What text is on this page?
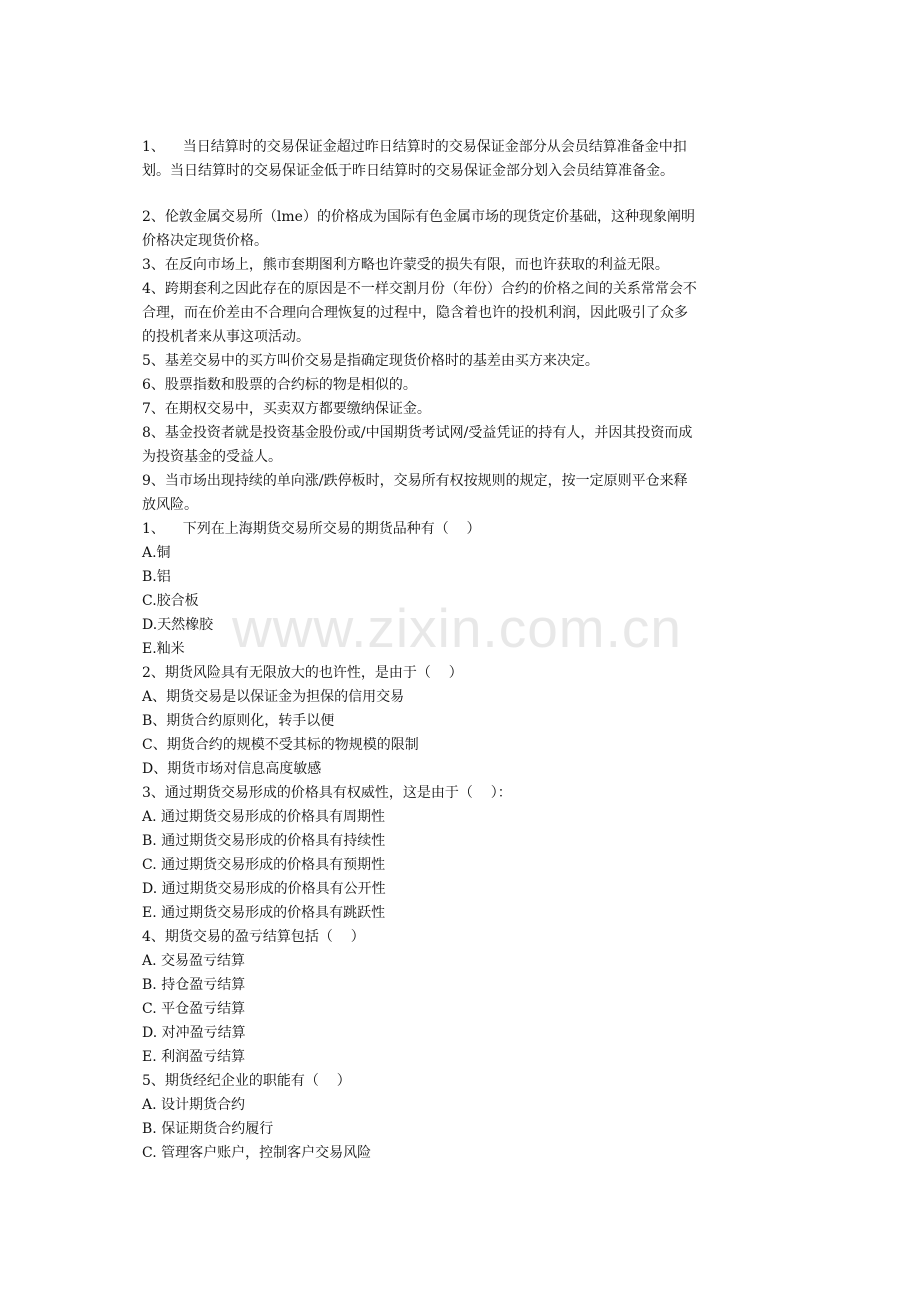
1、    当日结算时的交易保证金超过昨日结算时的交易保证金部分从会员结算准备金中扣
划。当日结算时的交易保证金低于昨日结算时的交易保证金部分划入会员结算准备金。
2、伦敦金属交易所（lme）的价格成为国际有色金属市场的现货定价基础，这种现象阐明
价格决定现货价格。
3、在反向市场上，熊市套期图利方略也许蒙受的损失有限，而也许获取的利益无限。
4、跨期套利之因此存在的原因是不一样交割月份（年份）合约的价格之间的关系常常会不
合理，而在价差由不合理向合理恢复的过程中，隐含着也许的投机利润，因此吸引了众多
的投机者来从事这项活动。
5、基差交易中的买方叫价交易是指确定现货价格时的基差由买方来决定。
6、股票指数和股票的合约标的物是相似的。
7、在期权交易中，买卖双方都要缴纳保证金。
8、基金投资者就是投资基金股份或/中国期货考试网/受益凭证的持有人，并因其投资而成
为投资基金的受益人。
9、当市场出现持续的单向涨/跌停板时，交易所有权按规则的规定，按一定原则平仓来释
放风险。
1、    下列在上海期货交易所交易的期货品种有（    ）
A.铜
B.铝
C.胶合板
D.天然橡胶
E.籼米
2、期货风险具有无限放大的也许性，是由于（    ）
A、期货交易是以保证金为担保的信用交易
B、期货合约原则化，转手以便
C、期货合约的规模不受其标的物规模的限制
D、期货市场对信息高度敏感
3、通过期货交易形成的价格具有权威性，这是由于（    ）：
A. 通过期货交易形成的价格具有周期性
B. 通过期货交易形成的价格具有持续性
C. 通过期货交易形成的价格具有预期性
D. 通过期货交易形成的价格具有公开性
E. 通过期货交易形成的价格具有跳跃性
4、期货交易的盈亏结算包括（    ）
A. 交易盈亏结算
B. 持仓盈亏结算
C. 平仓盈亏结算
D. 对冲盈亏结算
E. 利润盈亏结算
5、期货经纪企业的职能有（    ）
A. 设计期货合约
B. 保证期货合约履行
C. 管理客户账户，控制客户交易风险
www.zixin.com.cn
